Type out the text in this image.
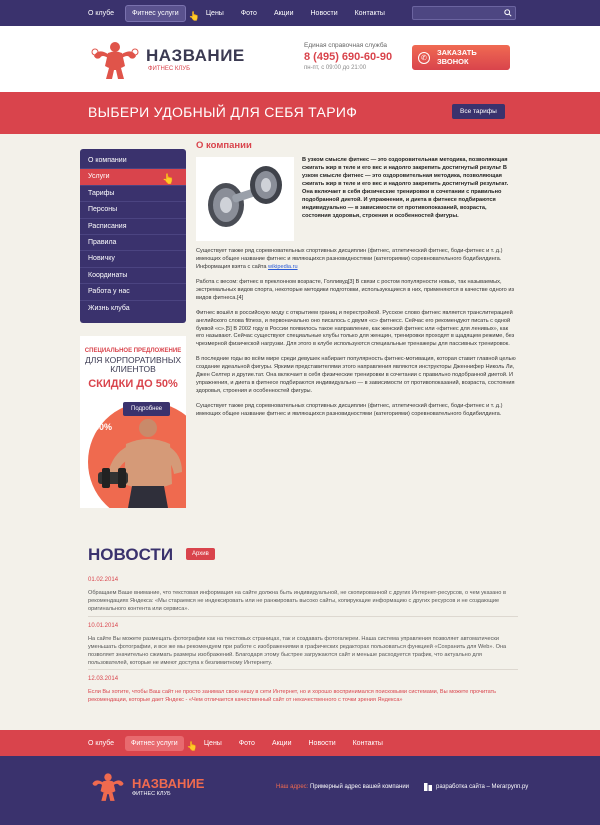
О клубе	Фитнес услуги	👆 Цены	Фото	Акции	Новости	Контакты
НАЗВАНИЕ
ФИТНЕС КЛУБ
Единая справочная служба
8 (495) 690-60-90
пн-пт, с 09:00 до 21:00
✆
ЗАКАЗАТЬ ЗВОНОК
ВЫБЕРИ УДОБНЫЙ ДЛЯ СЕБЯ ТАРИФ	Все тарифы
О компании
Услуги	👆
Тарифы
Персоны
Расписания
Правила
Новичку
Координаты
Работа у нас
Жизнь клуба
СПЕЦИАЛЬНОЕ ПРЕДЛОЖЕНИЕ
ДЛЯ КОРПОРАТИВНЫХ КЛИЕНТОВ
СКИДКИ ДО 50%
50%
Подробнее
О компании
В узком смысле фитнес — это оздоровительная методика, позволяющая сжигать жир в теле и его вес и надолго закрепить достигнутый результ В узком смысле фитнес — это оздоровительная методика, позволяющая сжигать жир в теле и его вес и надолго закрепить достигнутый результат. Она включает в себя физические тренировки в сочетании с правильно подобранной диетой. И упражнения, и диета в фитнесе подбираются индивидуально — в зависимости от противопоказаний, возраста, состояния здоровья, строения и особенностей фигуры.
Существует также ряд соревновательных спортивных дисциплин (фитнес, атлетический фитнес, боди-фитнес и т. д.) имеющих общее название фитнес и являющихся разновидностями (категориями) соревновательного бодибилдинга. Информация взята с сайта wikipedia.ru
Работа с весом: фитнес в преклонном возрасте, Голливуд[3] В связи с ростом популярности новых, так называемых, экстремальных видов спорта, некоторые методики подготовки, использующиеся в них, применяются в качестве одного из видов фитнеса.[4]
Фитнес вошёл в российскую моду с открытием границ и перестройкой. Русское слово фитнес является транслитерацией английского слова fitness, и первоначально оно писалось с двумя «с» фитнесс. Сейчас его рекомендуют писать с одной буквой «с».[5] В 2002 году в России появилось такое направление, как женский фитнес или «фитнес для ленивых», как его называют. Сейчас существуют специальные клубы только для женщин, тренировки проходят в щадящем режиме, без чрезмерной физической нагрузки. Для этого в клубе используются специальные тренажеры для пассивных тренировок.
В последние годы во всём мире среди девушек набирает популярность фитнес-мотивация, которая ставит главной целью создание идеальной фигуры. Яркими представителями этого направления являются инструкторы Дженнифер Николь Ли, Джен Селтер и другие.тат. Она включает в себя физические тренировки в сочетании с правильно подобранной диетой. И упражнения, и диета в фитнесе подбираются индивидуально — в зависимости от противопоказаний, возраста, состояния здоровья, строения и особенностей фигуры.
Существует также ряд соревновательных спортивных дисциплин (фитнес, атлетический фитнес, боди-фитнес и т. д.) имеющих общее название фитнес и являющихся разновидностями (категориями) соревновательного бодибилдинга.
НОВОСТИ	Архив
01.02.2014
Обращаем Ваше внимание, что текстовая информация на сайте должна быть индивидуальной, не скопированной с других Интернет-ресурсов, о чем указано в рекомендациях Яндекса: «Мы стараемся не индексировать или не ранжировать высоко сайты, копирующие информацию с других ресурсов и не создающие оригинального контента или сервиса».
10.01.2014
На сайте Вы можете размещать фотографии как на текстовых страницах, так и создавать фотогалереи. Наша система управления позволяет автоматически уменьшать фотографии, и все же мы рекомендуем при работе с изображениями в графических редакторах пользоваться функцией «Сохранить для Web». Она позволяет значительно сжимать размеры изображений. Благодаря этому быстрее загружаются сайт и меньше расходуется трафик, что актуально для пользователей, которые не имеют доступа к безлимитному Интернету.
12.03.2014
Если Вы хотите, чтобы Ваш сайт не просто занимал свою нишу в сети Интернет, но и хорошо воспринимался поисковыми системами, Вы можете прочитать рекомендации, которые дает Яндекс - «Чем отличается качественный сайт от некачественного с точки зрения Яндекса»
О клубе	Фитнес услуги	👆 Цены	Фото	Акции	Новости	Контакты
НАЗВАНИЕ
ФИТНЕС КЛУБ
Наш адрес: Примерный адрес вашей компании	разработка сайта – Мегагрупп.ру
